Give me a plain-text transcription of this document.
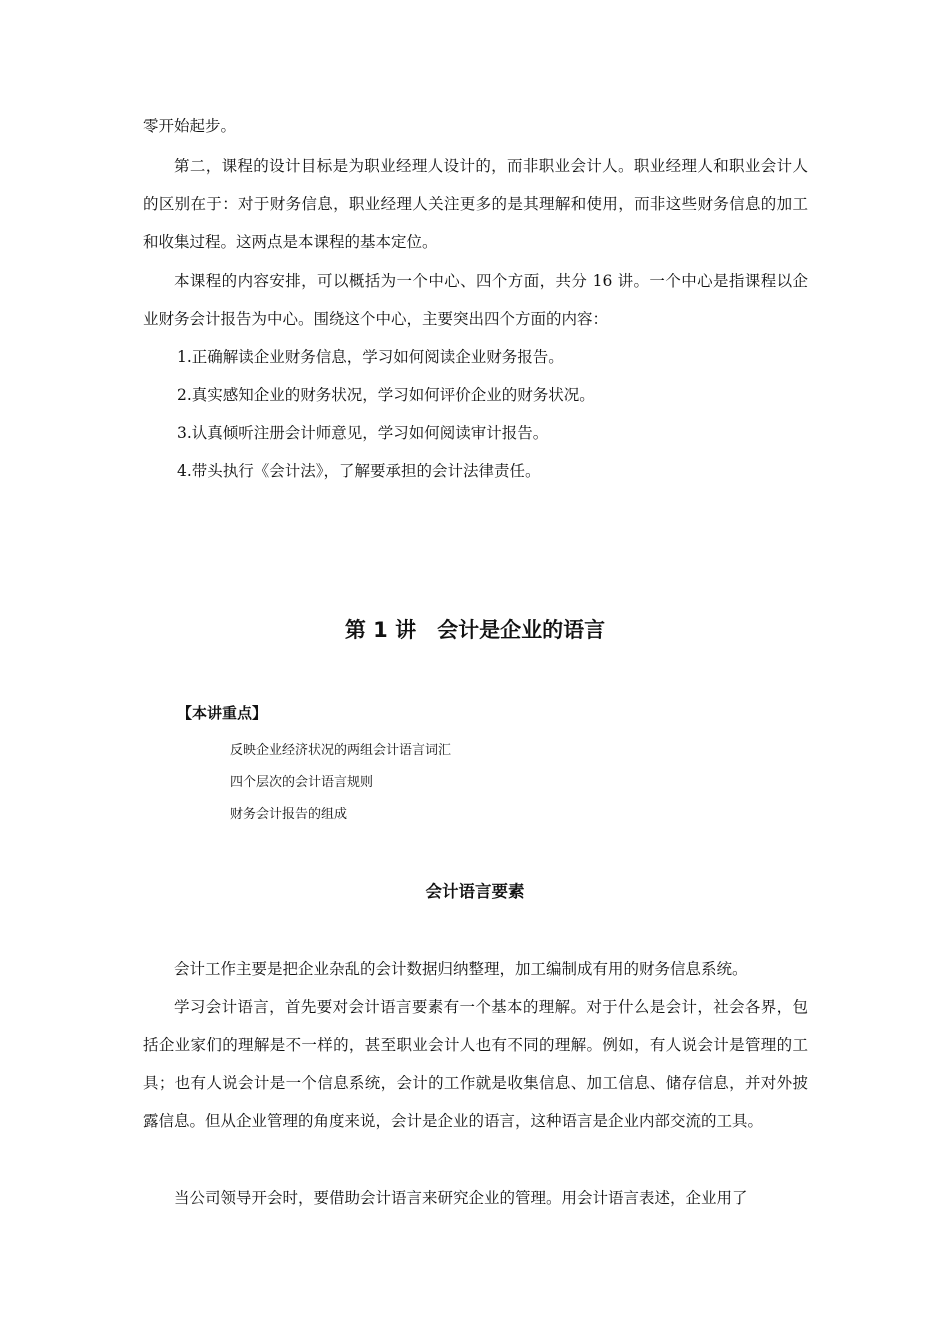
零开始起步。

第二，课程的设计目标是为职业经理人设计的，而非职业会计人。职业经理人和职业会计人的区别在于：对于财务信息，职业经理人关注更多的是其理解和使用，而非这些财务信息的加工和收集过程。这两点是本课程的基本定位。

本课程的内容安排，可以概括为一个中心、四个方面，共分 16 讲。一个中心是指课程以企业财务会计报告为中心。围绕这个中心，主要突出四个方面的内容：

1.正确解读企业财务信息，学习如何阅读企业财务报告。

2.真实感知企业的财务状况，学习如何评价企业的财务状况。

3.认真倾听注册会计师意见，学习如何阅读审计报告。

4.带头执行《会计法》，了解要承担的会计法律责任。

第 1 讲　会计是企业的语言

【本讲重点】

反映企业经济状况的两组会计语言词汇

四个层次的会计语言规则

财务会计报告的组成

会计语言要素

会计工作主要是把企业杂乱的会计数据归纳整理，加工编制成有用的财务信息系统。

学习会计语言，首先要对会计语言要素有一个基本的理解。对于什么是会计，社会各界，包括企业家们的理解是不一样的，甚至职业会计人也有不同的理解。例如，有人说会计是管理的工具；也有人说会计是一个信息系统，会计的工作就是收集信息、加工信息、储存信息，并对外披露信息。但从企业管理的角度来说，会计是企业的语言，这种语言是企业内部交流的工具。

当公司领导开会时，要借助会计语言来研究企业的管理。用会计语言表述，企业用了
